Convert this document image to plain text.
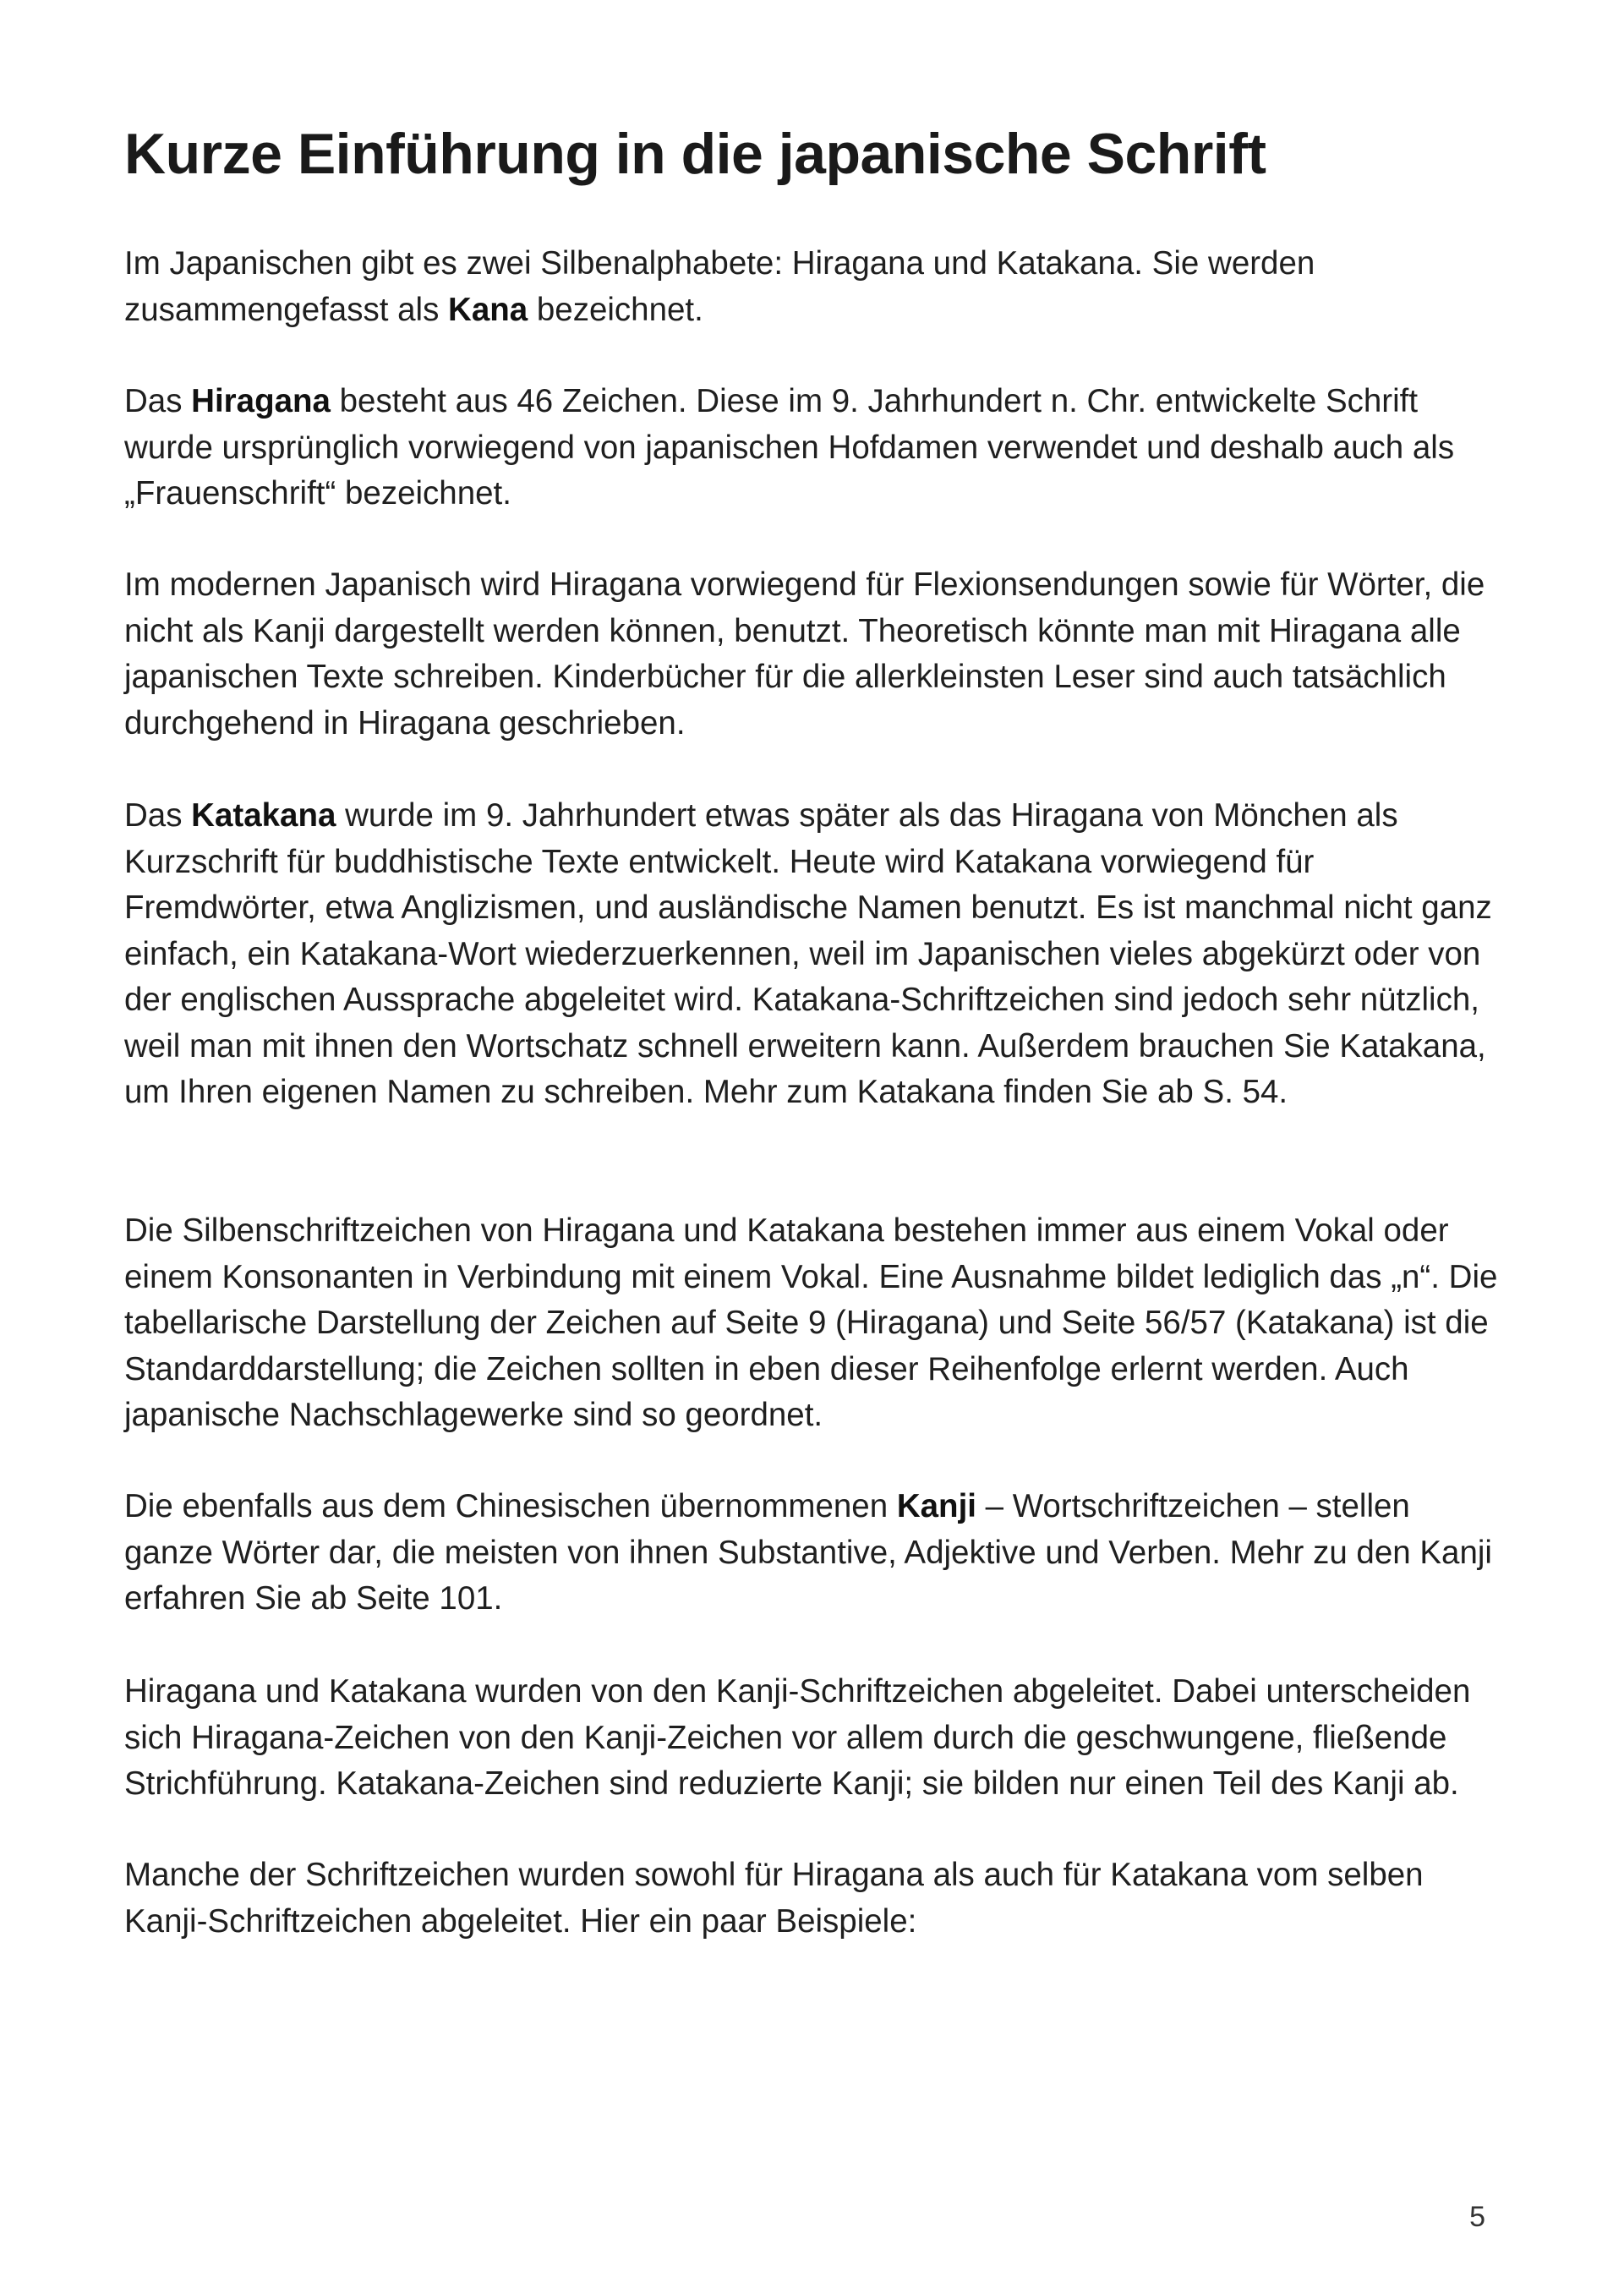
Kurze Einführung in die japanische Schrift

Im Japanischen gibt es zwei Silbenalphabete: Hiragana und Katakana. Sie werden zusammengefasst als Kana bezeichnet.

Das Hiragana besteht aus 46 Zeichen. Diese im 9. Jahrhundert n. Chr. entwickelte Schrift wurde ursprünglich vorwiegend von japanischen Hofdamen verwendet und deshalb auch als „Frauenschrift“ bezeichnet.

Im modernen Japanisch wird Hiragana vorwiegend für Flexionsendungen sowie für Wörter, die nicht als Kanji dargestellt werden können, benutzt. Theoretisch könnte man mit Hiragana alle japanischen Texte schreiben. Kinderbücher für die allerkleinsten Leser sind auch tatsächlich durchgehend in Hiragana geschrieben.

Das Katakana wurde im 9. Jahrhundert etwas später als das Hiragana von Mönchen als Kurzschrift für buddhistische Texte entwickelt. Heute wird Katakana vorwiegend für Fremdwörter, etwa Anglizismen, und ausländische Namen benutzt. Es ist manchmal nicht ganz einfach, ein Katakana-Wort wiederzuerkennen, weil im Japanischen vieles abgekürzt oder von der englischen Aussprache abgeleitet wird. Katakana-Schriftzeichen sind jedoch sehr nützlich, weil man mit ihnen den Wortschatz schnell erweitern kann. Außerdem brauchen Sie Katakana, um Ihren eigenen Namen zu schreiben. Mehr zum Katakana finden Sie ab S. 54.

Die Silbenschriftzeichen von Hiragana und Katakana bestehen immer aus einem Vokal oder einem Konsonanten in Verbindung mit einem Vokal. Eine Ausnahme bildet lediglich das „n“. Die tabellarische Darstellung der Zeichen auf Seite 9 (Hiragana) und Seite 56/57 (Katakana) ist die Standarddarstellung; die Zeichen sollten in eben dieser Reihenfolge erlernt werden. Auch japanische Nachschlagewerke sind so geordnet.

Die ebenfalls aus dem Chinesischen übernommenen Kanji – Wortschriftzeichen – stellen ganze Wörter dar, die meisten von ihnen Substantive, Adjektive und Verben. Mehr zu den Kanji erfahren Sie ab Seite 101.

Hiragana und Katakana wurden von den Kanji-Schriftzeichen abgeleitet. Dabei unterscheiden sich Hiragana-Zeichen von den Kanji-Zeichen vor allem durch die geschwungene, fließende Strichführung. Katakana-Zeichen sind reduzierte Kanji; sie bilden nur einen Teil des Kanji ab.

Manche der Schriftzeichen wurden sowohl für Hiragana als auch für Katakana vom selben Kanji-Schriftzeichen abgeleitet. Hier ein paar Beispiele:

5
